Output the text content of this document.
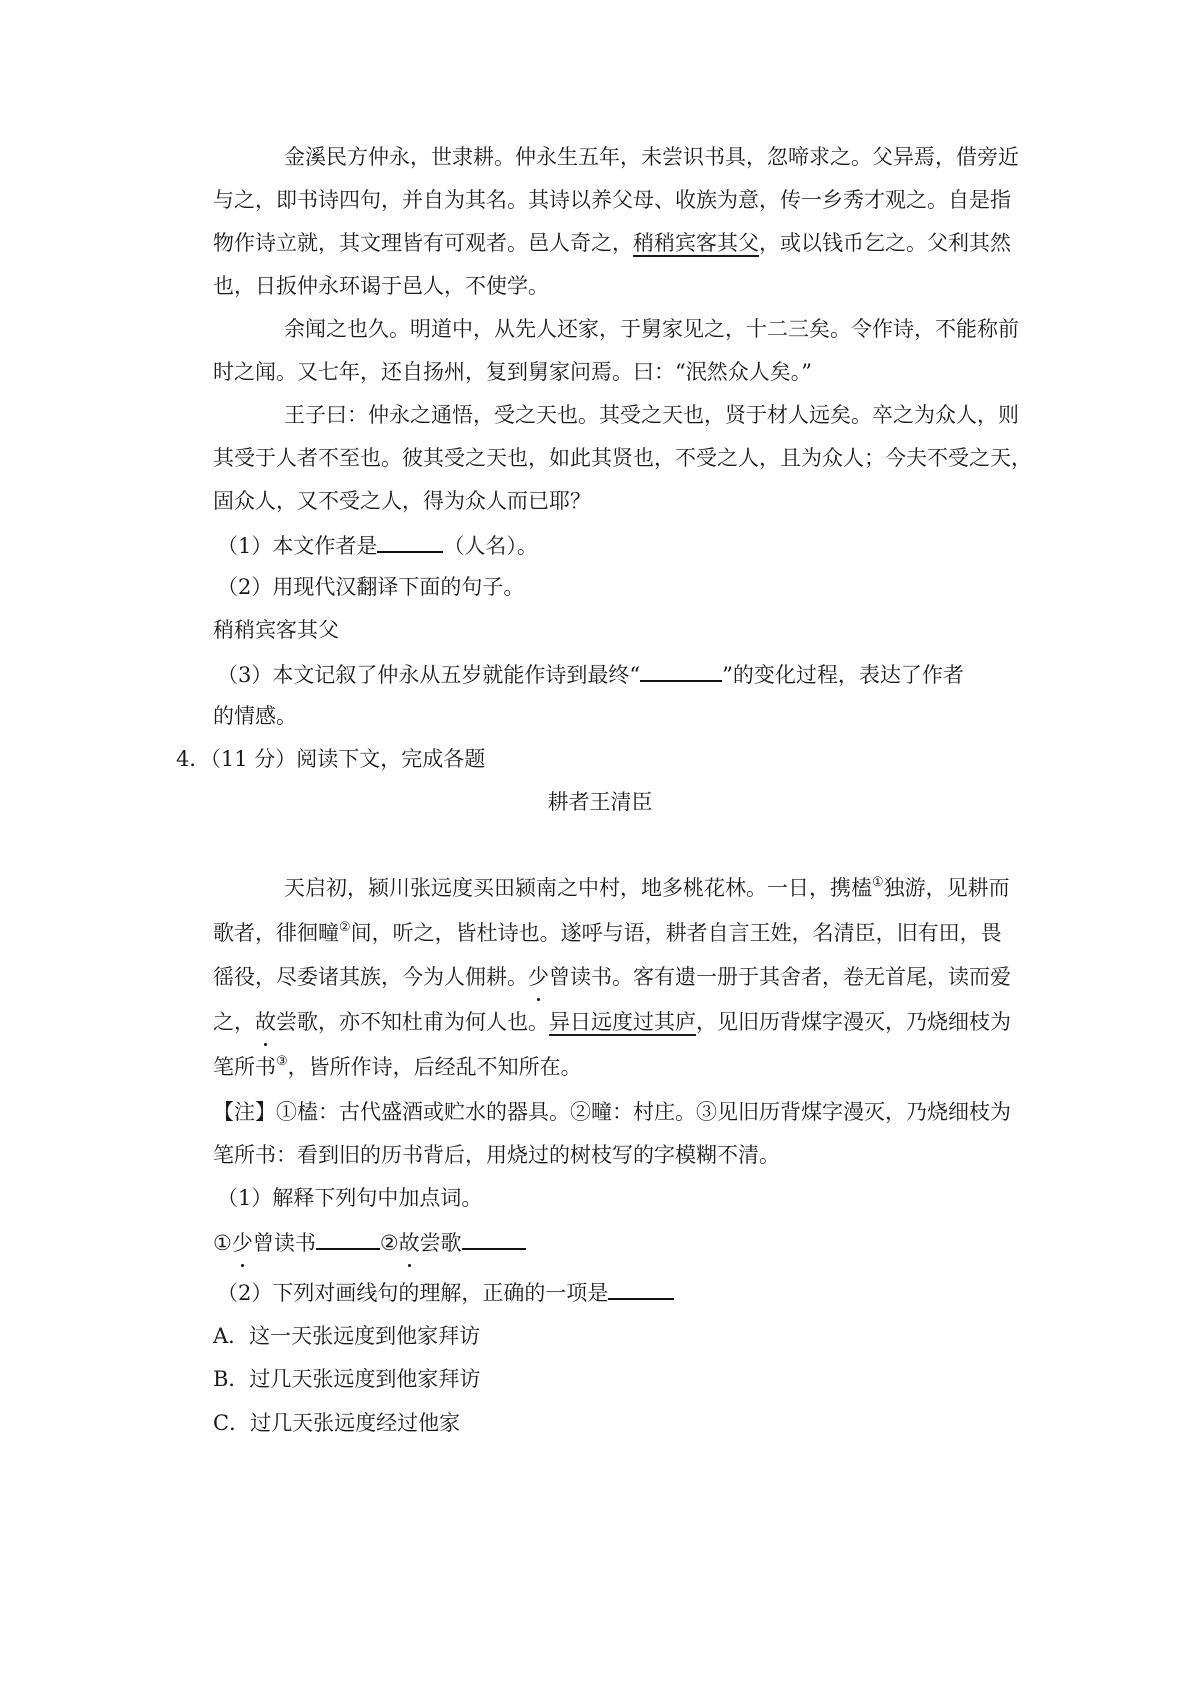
金溪民方仲永，世隶耕。仲永生五年，未尝识书具，忽啼求之。父异焉，借旁近

与之，即书诗四句，并自为其名。其诗以养父母、收族为意，传一乡秀才观之。自是指

物作诗立就，其文理皆有可观者。邑人奇之，稍稍宾客其父，或以钱币乞之。父利其然

也，日扳仲永环谒于邑人，不使学。

余闻之也久。明道中，从先人还家，于舅家见之，十二三矣。令作诗，不能称前

时之闻。又七年，还自扬州，复到舅家问焉。曰：“泯然众人矣。”

王子曰：仲永之通悟，受之天也。其受之天也，贤于材人远矣。卒之为众人，则

其受于人者不至也。彼其受之天也，如此其贤也，不受之人，且为众人；今夫不受之天，

固众人，又不受之人，得为众人而已耶？

（1）本文作者是	（人名）。

（2）用现代汉翻译下面的句子。

稍稍宾客其父

（3）本文记叙了仲永从五岁就能作诗到最终“	”的变化过程，表达了作者

的情感。

4．（11 分）阅读下文，完成各题

耕者王清臣

天启初，颍川张远度买田颍南之中村，地多桃花林。一日，携榼①独游，见耕而

歌者，徘徊疃②间，听之，皆杜诗也。遂呼与语，耕者自言王姓，名清臣，旧有田，畏

徭役，尽委诸其族，今为人佣耕。少曾读书。客有遗一册于其舍者，卷无首尾，读而爱

之，故尝歌，亦不知杜甫为何人也。异日远度过其庐，见旧历背煤字漫灭，乃烧细枝为

笔所书③，皆所作诗，后经乱不知所在。

【注】①榼：古代盛酒或贮水的器具。②疃：村庄。③见旧历背煤字漫灭，乃烧细枝为

笔所书：看到旧的历书背后，用烧过的树枝写的字模糊不清。

（1）解释下列句中加点词。

①少曾读书	②故尝歌

（2）下列对画线句的理解，正确的一项是

A．这一天张远度到他家拜访

B．过几天张远度到他家拜访

C．过几天张远度经过他家
